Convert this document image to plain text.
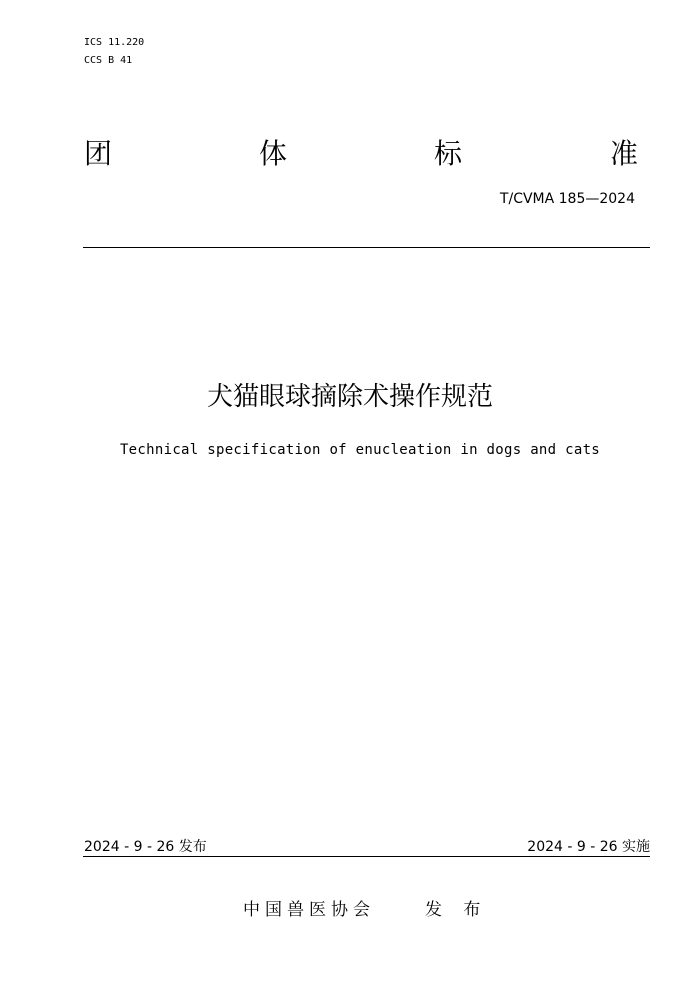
ICS 11.220
CCS B 41
团	体	标	准
T/CVMA 185—2024
犬猫眼球摘除术操作规范
Technical specification of enucleation in dogs and cats
2024 - 9 - 26 发布	2024 - 9 - 26 实施
中国兽医协会	发 布
